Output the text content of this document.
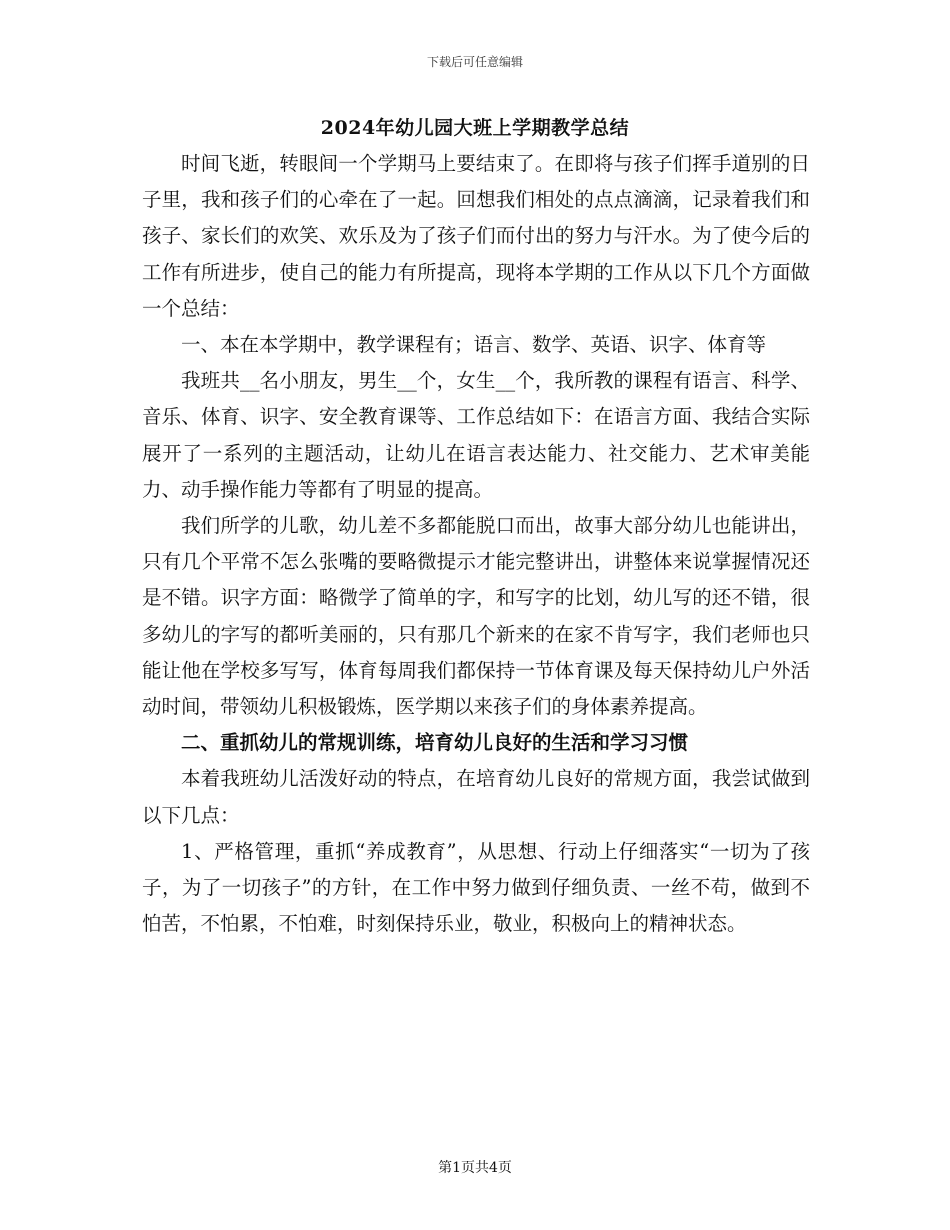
下载后可任意编辑
2024年幼儿园大班上学期教学总结

时间飞逝，转眼间一个学期马上要结束了。在即将与孩子们挥手道别的日子里，我和孩子们的心牵在了一起。回想我们相处的点点滴滴，记录着我们和孩子、家长们的欢笑、欢乐及为了孩子们而付出的努力与汗水。为了使今后的工作有所进步，使自己的能力有所提高，现将本学期的工作从以下几个方面做一个总结：

一、本在本学期中，教学课程有；语言、数学、英语、识字、体育等

我班共__名小朋友，男生__个，女生__个，我所教的课程有语言、科学、音乐、体育、识字、安全教育课等、工作总结如下：在语言方面、我结合实际展开了一系列的主题活动，让幼儿在语言表达能力、社交能力、艺术审美能力、动手操作能力等都有了明显的提高。

我们所学的儿歌，幼儿差不多都能脱口而出，故事大部分幼儿也能讲出，只有几个平常不怎么张嘴的要略微提示才能完整讲出，讲整体来说掌握情况还是不错。识字方面：略微学了简单的字，和写字的比划，幼儿写的还不错，很多幼儿的字写的都听美丽的，只有那几个新来的在家不肯写字，我们老师也只能让他在学校多写写，体育每周我们都保持一节体育课及每天保持幼儿户外活动时间，带领幼儿积极锻炼，医学期以来孩子们的身体素养提高。

二、重抓幼儿的常规训练，培育幼儿良好的生活和学习习惯

本着我班幼儿活泼好动的特点，在培育幼儿良好的常规方面，我尝试做到以下几点：

1、严格管理，重抓“养成教育”，从思想、行动上仔细落实“一切为了孩子，为了一切孩子”的方针，在工作中努力做到仔细负责、一丝不苟，做到不怕苦，不怕累，不怕难，时刻保持乐业，敬业，积极向上的精神状态。

第1页共4页
